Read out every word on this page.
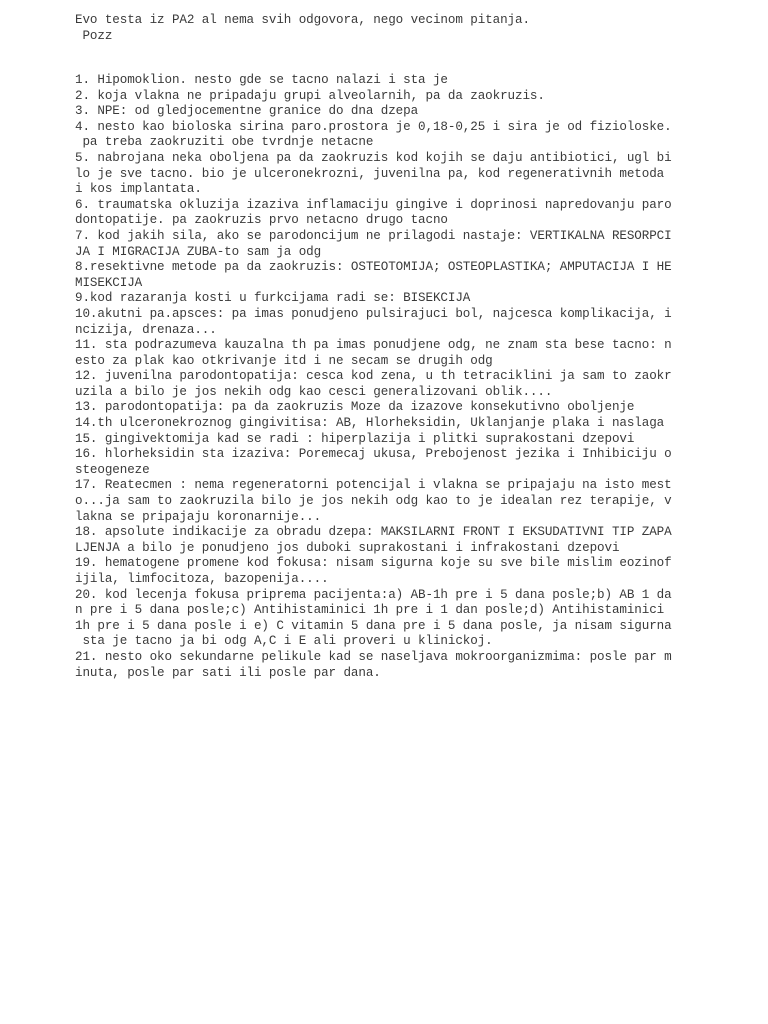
Evo testa iz PA2 al nema svih odgovora, nego vecinom pitanja.
Pozz
1. Hipomoklion. nesto gde se tacno nalazi i sta je
2. koja vlakna ne pripadaju grupi alveolarnih, pa da zaokruzis.
3. NPE: od gledjocementne granice do dna dzepa
4. nesto kao bioloska sirina paro.prostora je 0,18-0,25 i sira je od fizioloske.
pa treba zaokruziti obe tvrdnje netacne
5. nabrojana neka oboljena pa da zaokruzis kod kojih se daju antibiotici, ugl bi
lo je sve tacno. bio je ulceronekrozni, juvenilna pa, kod regenerativnih metoda
i kos implantata.
6. traumatska okluzija izaziva inflamaciju gingive i doprinosi napredovanju paro
dontopatije. pa zaokruzis prvo netacno drugo tacno
7. kod jakih sila, ako se parodoncijum ne prilagodi nastaje: VERTIKALNA RESORPCI
JA I MIGRACIJA ZUBA-to sam ja odg
8.resektivne metode pa da zaokruzis: OSTEOTOMIJA; OSTEOPLASTIKA; AMPUTACIJA I HE
MISEKCIJA
9.kod razaranja kosti u furkcijama radi se: BISEKCIJA
10.akutni pa.apsces: pa imas ponudjeno pulsirajuci bol, najcesca komplikacija, i
ncizija, drenaza...
11. sta podrazumeva kauzalna th pa imas ponudjene odg, ne znam sta bese tacno: n
esto za plak kao otkrivanje itd i ne secam se drugih odg
12. juvenilna parodontopatija: cesca kod zena, u th tetraciklini ja sam to zaokr
uzila a bilo je jos nekih odg kao cesci generalizovani oblik....
13. parodontopatija: pa da zaokruzis Moze da izazove konsekutivno oboljenje
14.th ulceronekroznog gingivitisa: AB, Hlorheksidin, Uklanjanje plaka i naslaga
15. gingivektomija kad se radi : hiperplazija i plitki suprakostani dzepovi
16. hlorheksidin sta izaziva: Poremecaj ukusa, Prebojenost jezika i Inhibiciju o
steogeneze
17. Reatecmen : nema regeneratorni potencijal i vlakna se pripajaju na isto mest
o...ja sam to zaokruzila bilo je jos nekih odg kao to je idealan rez terapije, v
lakna se pripajaju koronarnije...
18. apsolute indikacije za obradu dzepa: MAKSILARNI FRONT I EKSUDATIVNI TIP ZAPA
LJENJA a bilo je ponudjeno jos duboki suprakostani i infrakostani dzepovi
19. hematogene promene kod fokusa: nisam sigurna koje su sve bile mislim eozinof
ijila, limfocitoza, bazopenija....
20. kod lecenja fokusa priprema pacijenta:a) AB-1h pre i 5 dana posle;b) AB 1 da
n pre i 5 dana posle;c) Antihistaminici 1h pre i 1 dan posle;d) Antihistaminici
1h pre i 5 dana posle i e) C vitamin 5 dana pre i 5 dana posle, ja nisam sigurna
sta je tacno ja bi odg A,C i E ali proveri u klinickoj.
21. nesto oko sekundarne pelikule kad se naseljava mokroorganizmima: posle par m
inuta, posle par sati ili posle par dana.
